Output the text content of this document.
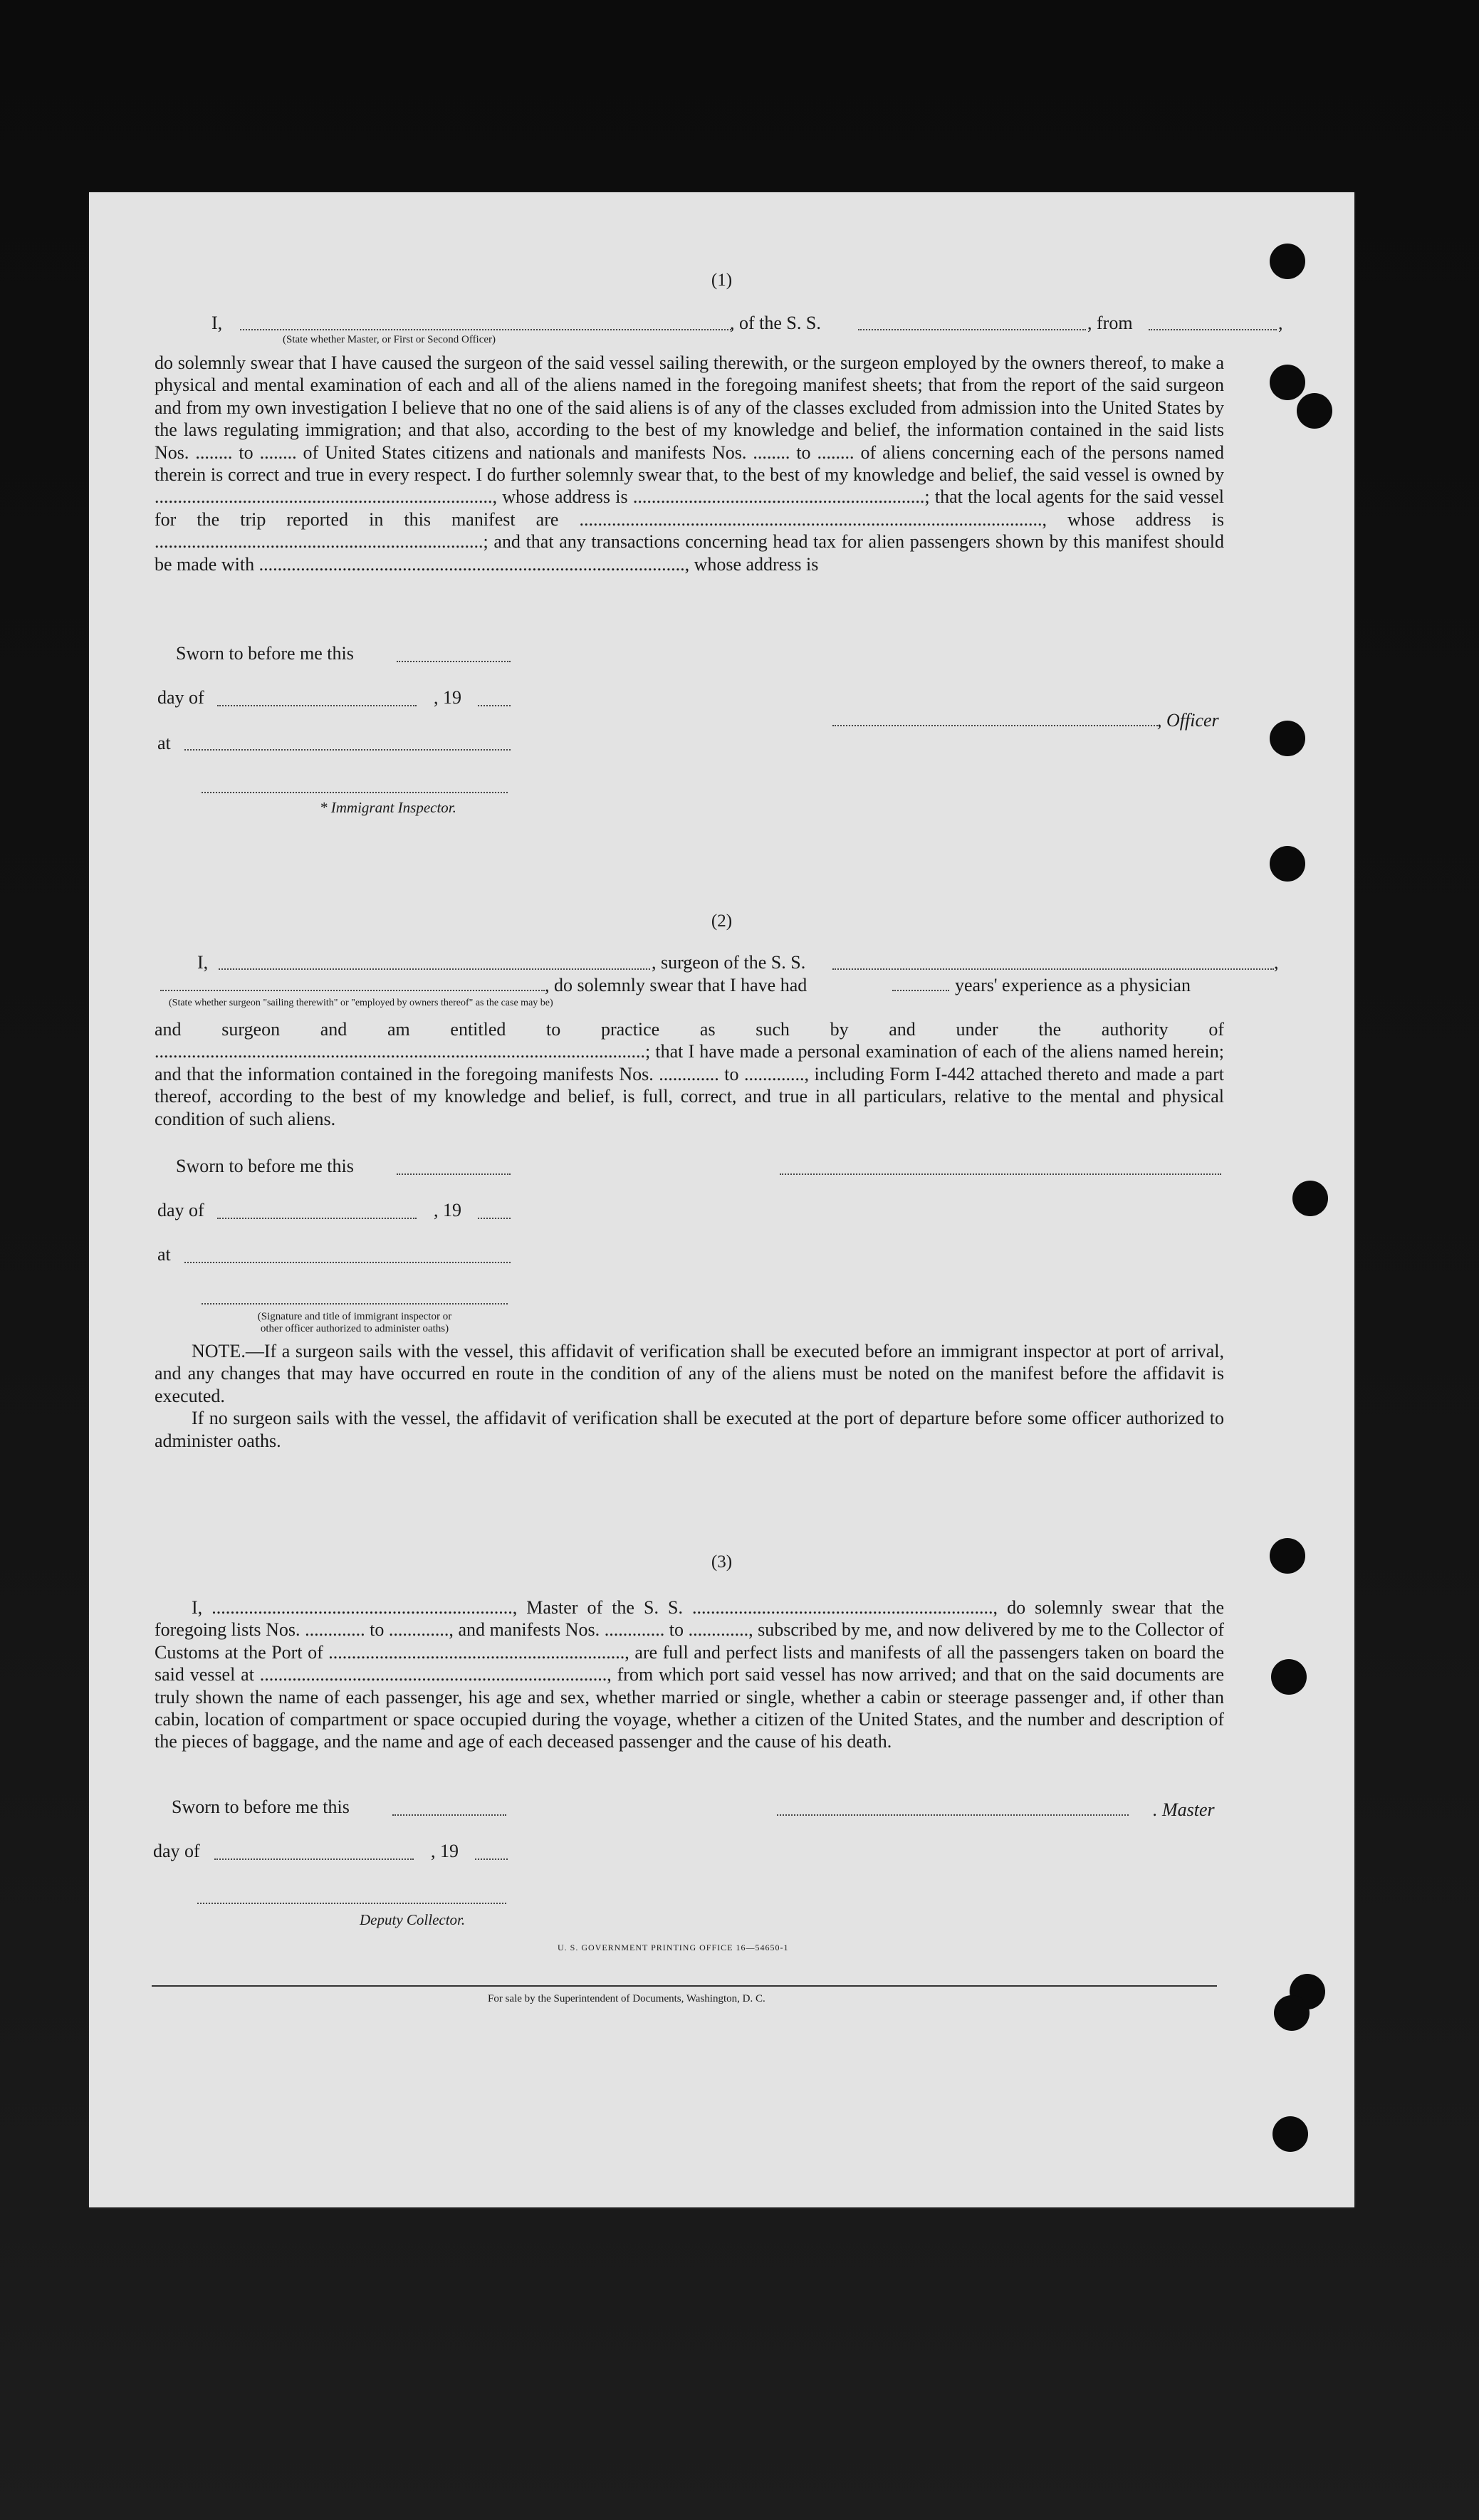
(1)
I,	, of the S. S.	, from	,
(State whether Master, or First or Second Officer)
do solemnly swear that I have caused the surgeon of the said vessel sailing therewith, or the surgeon employed by the owners thereof, to make a physical and mental examination of each and all of the aliens named in the foregoing manifest sheets; that from the report of the said surgeon and from my own investigation I believe that no one of the said aliens is of any of the classes excluded from admission into the United States by the laws regulating immigration; and that also, according to the best of my knowledge and belief, the information contained in the said lists Nos. ........ to ........ of United States citizens and nationals and manifests Nos. ........ to ........ of aliens concerning each of the persons named therein is correct and true in every respect. I do further solemnly swear that, to the best of my knowledge and belief, the said vessel is owned by ........................................................................., whose address is ...............................................................; that the local agents for the said vessel for the trip reported in this manifest are ...................................................................................................., whose address is .......................................................................; and that any transactions concerning head tax for alien passengers shown by this manifest should be made with ............................................................................................, whose address is
Sworn to before me this
day of	, 19
, Officer
at
* Immigrant Inspector.
(2)
I,	, surgeon of the S. S.	,
, do solemnly swear that I have had	years' experience as a physician
(State whether surgeon "sailing therewith" or "employed by owners thereof" as the case may be)
and surgeon and am entitled to practice as such by and under the authority of ..........................................................................................................; that I have made a personal examination of each of the aliens named herein; and that the information contained in the foregoing manifests Nos. ............. to ............., including Form I-442 attached thereto and made a part thereof, according to the best of my knowledge and belief, is full, correct, and true in all particulars, relative to the mental and physical condition of such aliens.
Sworn to before me this
day of	, 19
at
(Signature and title of immigrant inspector or
other officer authorized to administer oaths)

NOTE.—If a surgeon sails with the vessel, this affidavit of verification shall be executed before an immigrant inspector at port of arrival, and any changes that may have occurred en route in the condition of any of the aliens must be noted on the manifest before the affidavit is executed.

If no surgeon sails with the vessel, the affidavit of verification shall be executed at the port of departure before some officer authorized to administer oaths.

(3)
I, ................................................................., Master of the S. S. ................................................................., do solemnly swear that the foregoing lists Nos. ............. to ............., and manifests Nos. ............. to ............., subscribed by me, and now delivered by me to the Collector of Customs at the Port of ................................................................, are full and perfect lists and manifests of all the passengers taken on board the said vessel at ..........................................................................., from which port said vessel has now arrived; and that on the said documents are truly shown the name of each passenger, his age and sex, whether married or single, whether a cabin or steerage passenger and, if other than cabin, location of compartment or space occupied during the voyage, whether a citizen of the United States, and the number and description of the pieces of baggage, and the name and age of each deceased passenger and the cause of his death.
Sworn to before me this	. Master
day of	, 19
Deputy Collector.
U. S. GOVERNMENT PRINTING OFFICE 16—54650-1
For sale by the Superintendent of Documents, Washington, D. C.
